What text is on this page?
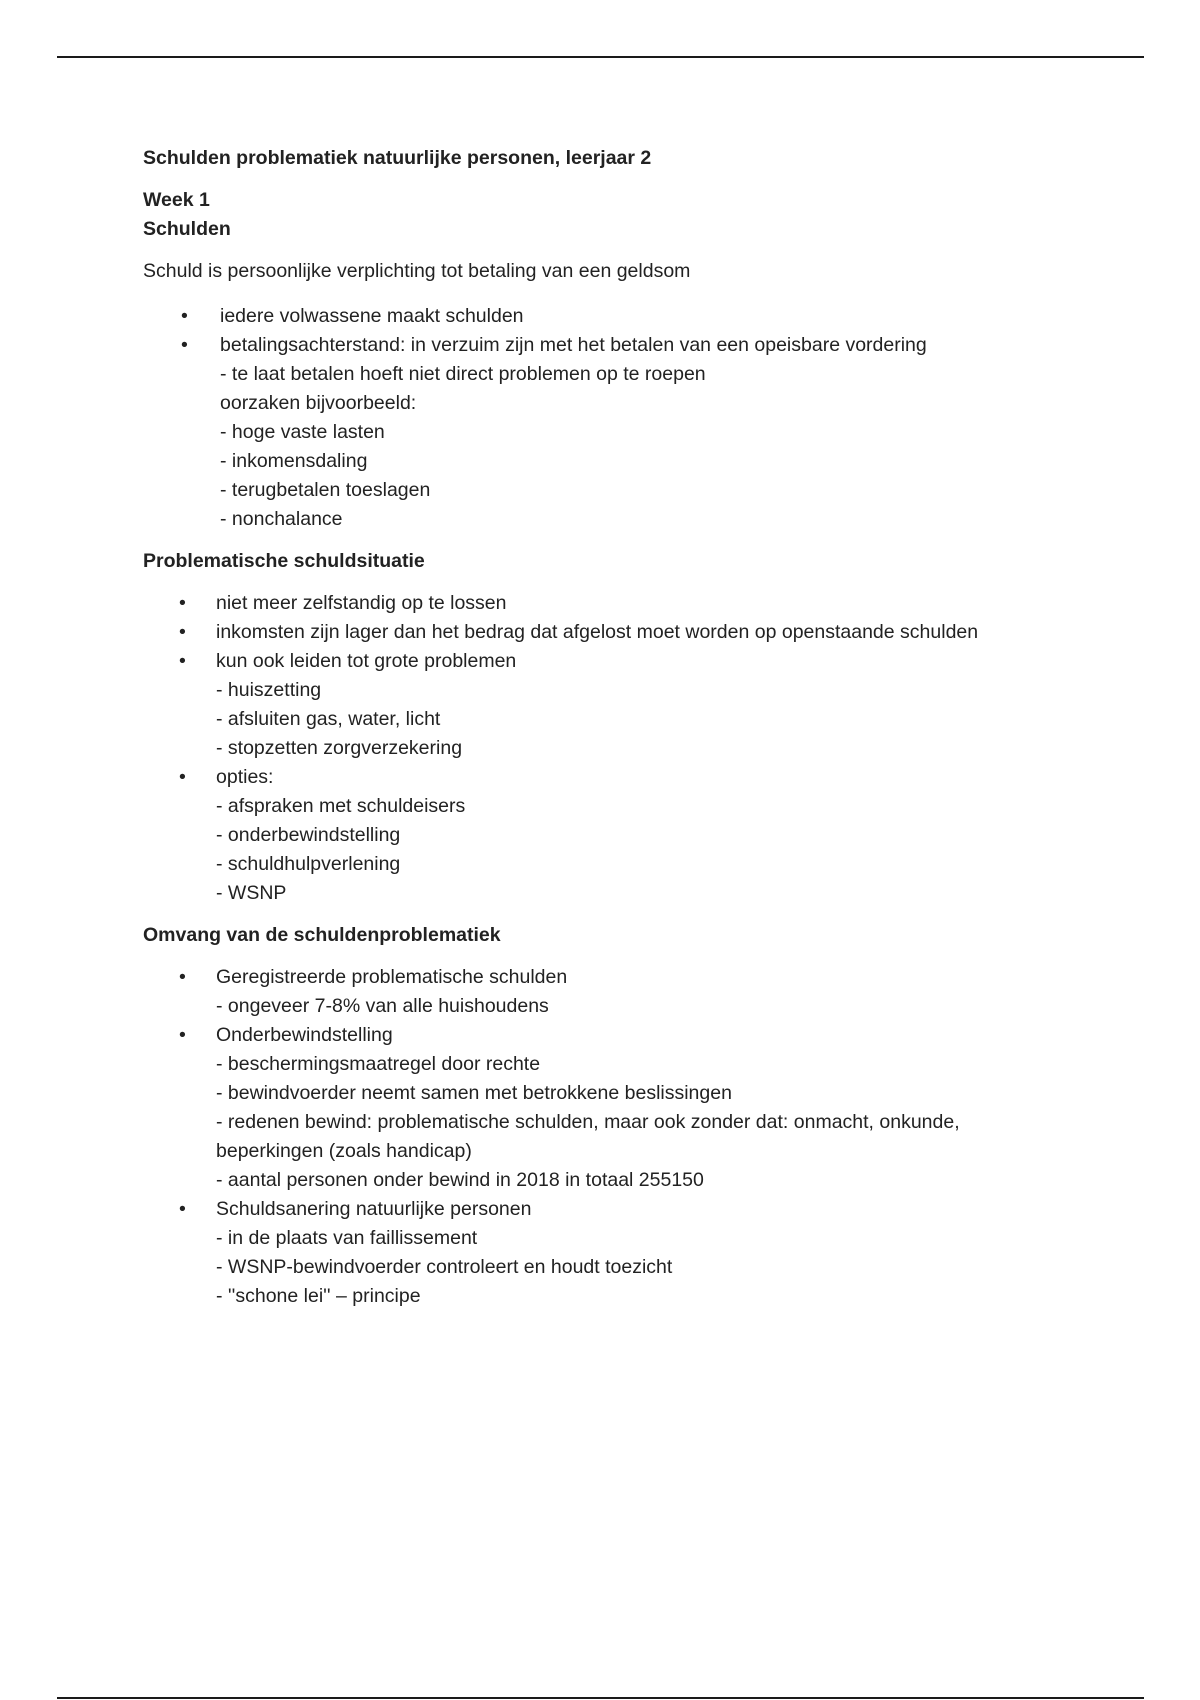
Schulden problematiek natuurlijke personen, leerjaar 2
Week 1
Schulden
Schuld is persoonlijke verplichting tot betaling van een geldsom
• iedere volwassene maakt schulden
• betalingsachterstand: in verzuim zijn met het betalen van een opeisbare vordering
- te laat betalen hoeft niet direct problemen op te roepen
oorzaken bijvoorbeeld:
- hoge vaste lasten
- inkomensdaling
- terugbetalen toeslagen
- nonchalance
Problematische schuldsituatie
• niet meer zelfstandig op te lossen
• inkomsten zijn lager dan het bedrag dat afgelost moet worden op openstaande schulden
• kun ook leiden tot grote problemen
- huiszetting
- afsluiten gas, water, licht
- stopzetten zorgverzekering
• opties:
- afspraken met schuldeisers
- onderbewindstelling
- schuldhulpverlening
- WSNP
Omvang van de schuldenproblematiek
• Geregistreerde problematische schulden
- ongeveer 7-8% van alle huishoudens
• Onderbewindstelling
- beschermingsmaatregel door rechte
- bewindvoerder neemt samen met betrokkene beslissingen
- redenen bewind: problematische schulden, maar ook zonder dat: onmacht, onkunde, beperkingen (zoals handicap)
- aantal personen onder bewind in 2018 in totaal 255150
• Schuldsanering natuurlijke personen
- in de plaats van faillissement
- WSNP-bewindvoerder controleert en houdt toezicht
- ''schone lei'' – principe
